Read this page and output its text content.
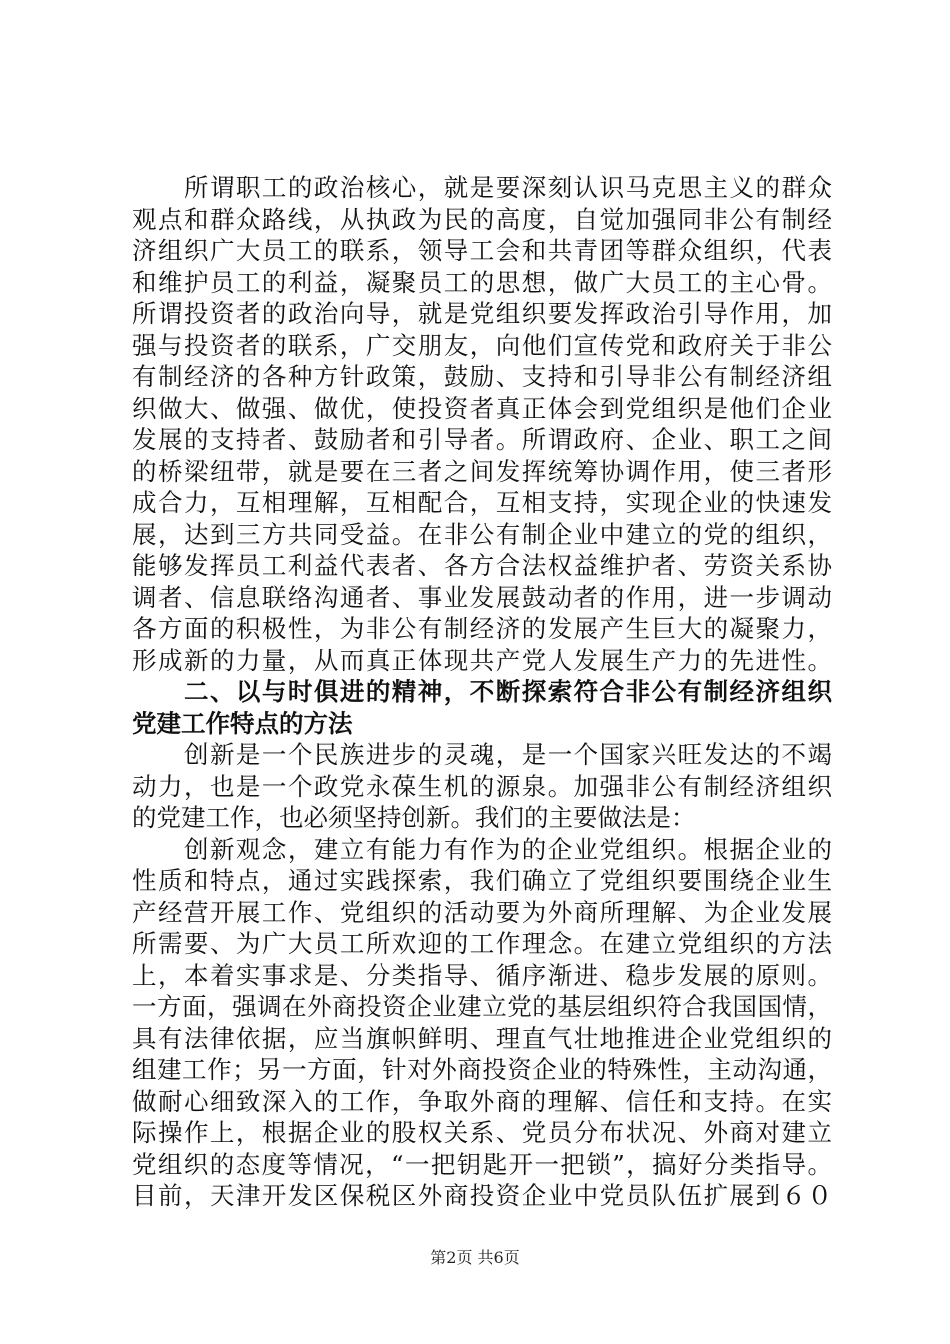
　　所谓职工的政治核心，就是要深刻认识马克思主义的群众
观点和群众路线，从执政为民的高度，自觉加强同非公有制经
济组织广大员工的联系，领导工会和共青团等群众组织，代表
和维护员工的利益，凝聚员工的思想，做广大员工的主心骨。
所谓投资者的政治向导，就是党组织要发挥政治引导作用，加
强与投资者的联系，广交朋友，向他们宣传党和政府关于非公
有制经济的各种方针政策，鼓励、支持和引导非公有制经济组
织做大、做强、做优，使投资者真正体会到党组织是他们企业
发展的支持者、鼓励者和引导者。所谓政府、企业、职工之间
的桥梁纽带，就是要在三者之间发挥统筹协调作用，使三者形
成合力，互相理解，互相配合，互相支持，实现企业的快速发
展，达到三方共同受益。在非公有制企业中建立的党的组织，
能够发挥员工利益代表者、各方合法权益维护者、劳资关系协
调者、信息联络沟通者、事业发展鼓动者的作用，进一步调动
各方面的积极性，为非公有制经济的发展产生巨大的凝聚力，
形成新的力量，从而真正体现共产党人发展生产力的先进性。
　　二、以与时俱进的精神，不断探索符合非公有制经济组织
党建工作特点的方法
　　创新是一个民族进步的灵魂，是一个国家兴旺发达的不竭
动力，也是一个政党永葆生机的源泉。加强非公有制经济组织
的党建工作，也必须坚持创新。我们的主要做法是：
　　创新观念，建立有能力有作为的企业党组织。根据企业的
性质和特点，通过实践探索，我们确立了党组织要围绕企业生
产经营开展工作、党组织的活动要为外商所理解、为企业发展
所需要、为广大员工所欢迎的工作理念。在建立党组织的方法
上，本着实事求是、分类指导、循序渐进、稳步发展的原则。
一方面，强调在外商投资企业建立党的基层组织符合我国国情，
具有法律依据，应当旗帜鲜明、理直气壮地推进企业党组织的
组建工作；另一方面，针对外商投资企业的特殊性，主动沟通，
做耐心细致深入的工作，争取外商的理解、信任和支持。在实
际操作上，根据企业的股权关系、党员分布状况、外商对建立
党组织的态度等情况，“一把钥匙开一把锁”，搞好分类指导。
目前，天津开发区保税区外商投资企业中党员队伍扩展到６０
第2页 共6页
